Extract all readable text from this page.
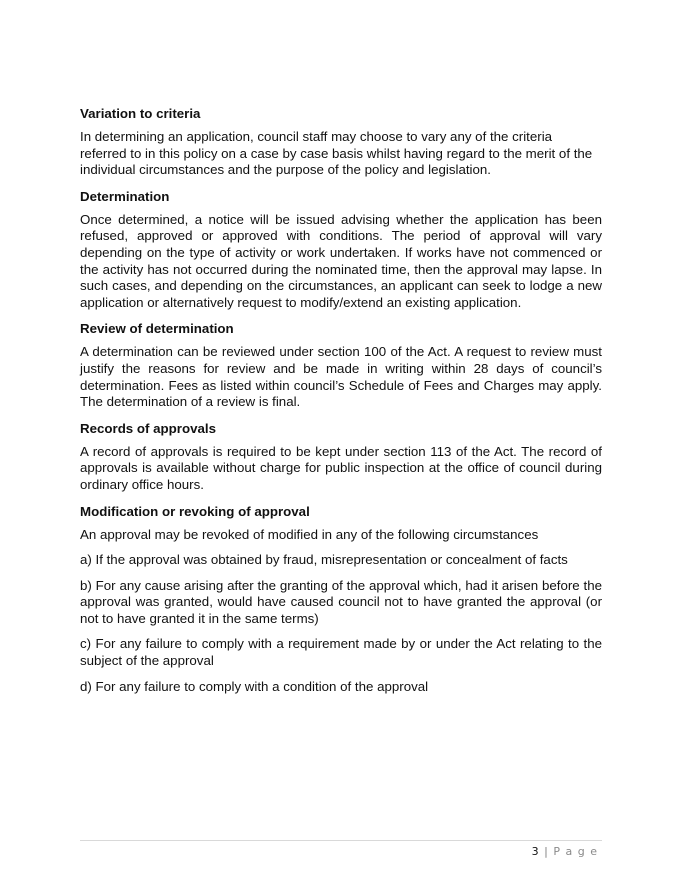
Variation to criteria

In determining an application, council staff may choose to vary any of the criteria referred to in this policy on a case by case basis whilst having regard to the merit of the individual circumstances and the purpose of the policy and legislation.

Determination

Once determined, a notice will be issued advising whether the application has been refused, approved or approved with conditions. The period of approval will vary depending on the type of activity or work undertaken. If works have not commenced or the activity has not occurred during the nominated time, then the approval may lapse. In such cases, and depending on the circumstances, an applicant can seek to lodge a new application or alternatively request to modify/extend an existing application.

Review of determination

A determination can be reviewed under section 100 of the Act. A request to review must justify the reasons for review and be made in writing within 28 days of council’s determination. Fees as listed within council’s Schedule of Fees and Charges may apply. The determination of a review is final.

Records of approvals

A record of approvals is required to be kept under section 113 of the Act. The record of approvals is available without charge for public inspection at the office of council during ordinary office hours.

Modification or revoking of approval

An approval may be revoked of modified in any of the following circumstances

a) If the approval was obtained by fraud, misrepresentation or concealment of facts

b) For any cause arising after the granting of the approval which, had it arisen before the approval was granted, would have caused council not to have granted the approval (or not to have granted it in the same terms)

c) For any failure to comply with a requirement made by or under the Act relating to the subject of the approval

d) For any failure to comply with a condition of the approval

3 | P a g e
